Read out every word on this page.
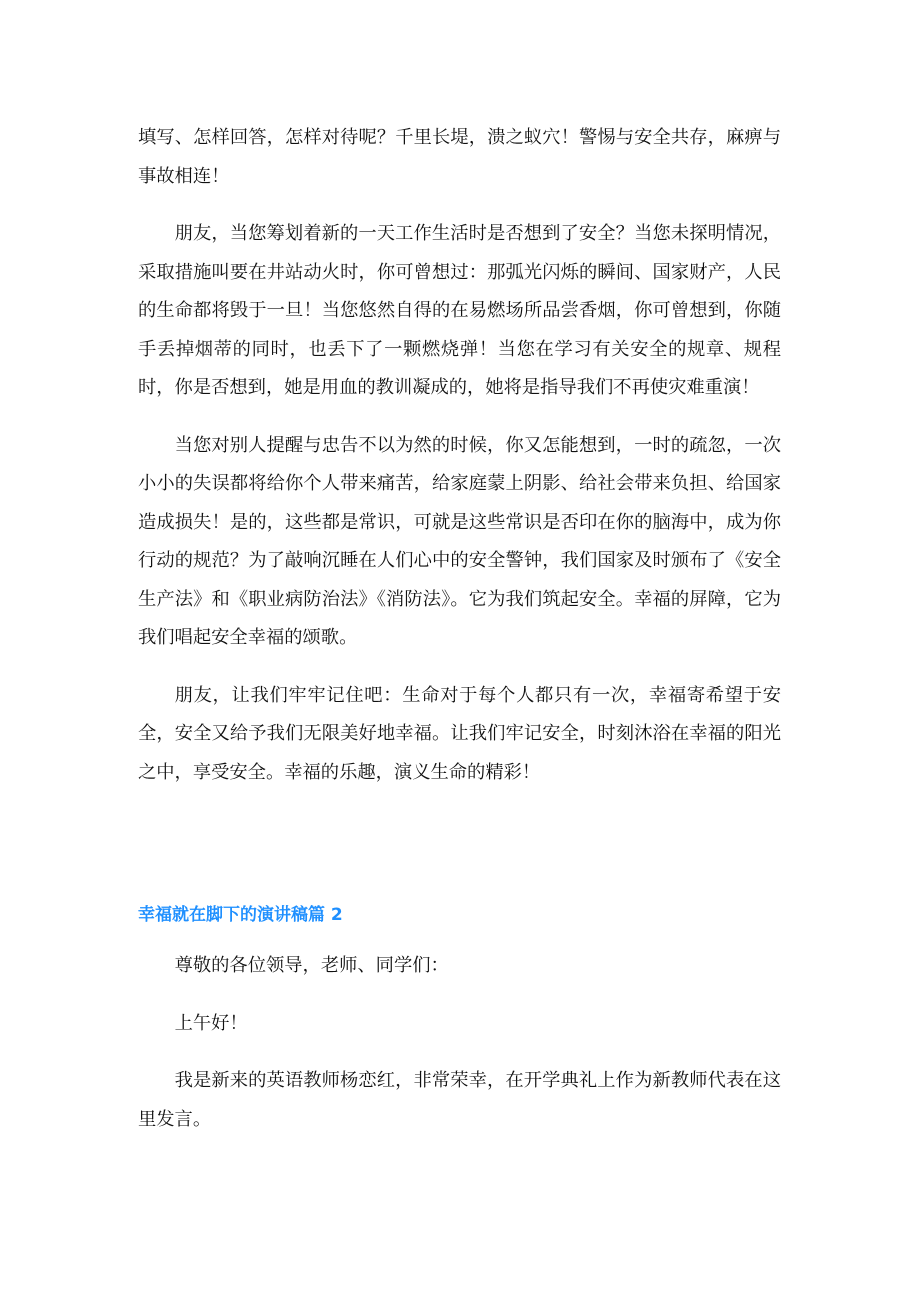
填写、怎样回答，怎样对待呢？千里长堤，溃之蚁穴！警惕与安全共存，麻痹与事故相连！

朋友，当您筹划着新的一天工作生活时是否想到了安全？当您未探明情况，采取措施叫要在井站动火时，你可曾想过：那弧光闪烁的瞬间、国家财产，人民的生命都将毁于一旦！当您悠然自得的在易燃场所品尝香烟，你可曾想到，你随手丢掉烟蒂的同时，也丢下了一颗燃烧弹！当您在学习有关安全的规章、规程时，你是否想到，她是用血的教训凝成的，她将是指导我们不再使灾难重演！

当您对别人提醒与忠告不以为然的时候，你又怎能想到，一时的疏忽，一次小小的失误都将给你个人带来痛苦，给家庭蒙上阴影、给社会带来负担、给国家造成损失！是的，这些都是常识，可就是这些常识是否印在你的脑海中，成为你行动的规范？为了敲响沉睡在人们心中的安全警钟，我们国家及时颁布了《安全生产法》和《职业病防治法》《消防法》。它为我们筑起安全。幸福的屏障，它为我们唱起安全幸福的颂歌。

朋友，让我们牢牢记住吧：生命对于每个人都只有一次，幸福寄希望于安全，安全又给予我们无限美好地幸福。让我们牢记安全，时刻沐浴在幸福的阳光之中，享受安全。幸福的乐趣，演义生命的精彩！

幸福就在脚下的演讲稿篇 2

尊敬的各位领导，老师、同学们：

上午好！

我是新来的英语教师杨恋红，非常荣幸，在开学典礼上作为新教师代表在这里发言。
